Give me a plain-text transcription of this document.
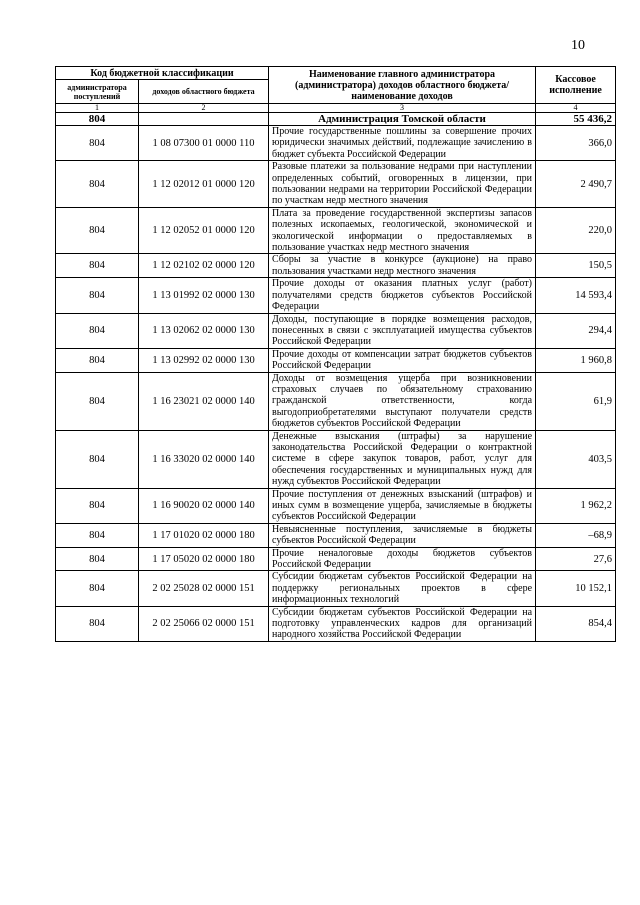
10
Код бюджетной классификации		Наименование главного администратора (администратора) доходов областного бюджета/ наименование доходов	Кассовое исполнение
администратора поступлений	доходов областного бюджета		
1	2	3	4
804		Администрация Томской области	55 436,2
804	1 08 07300 01 0000 110	Прочие государственные пошлины за совершение прочих юридически значимых действий, подлежащие зачислению в бюджет субъекта Российской Федерации	366,0
804	1 12 02012 01 0000 120	Разовые платежи за пользование недрами при наступлении определенных событий, оговоренных в лицензии, при пользовании недрами на территории Российской Федерации по участкам недр местного значения	2 490,7
804	1 12 02052 01 0000 120	Плата за проведение государственной экспертизы запасов полезных ископаемых, геологической, экономической и экологической информации о предоставляемых в пользование участках недр местного значения	220,0
804	1 12 02102 02 0000 120	Сборы за участие в конкурсе (аукционе) на право пользования участками недр местного значения	150,5
804	1 13 01992 02 0000 130	Прочие доходы от оказания платных услуг (работ) получателями средств бюджетов субъектов Российской Федерации	14 593,4
804	1 13 02062 02 0000 130	Доходы, поступающие в порядке возмещения расходов, понесенных в связи с эксплуатацией имущества субъектов Российской Федерации	294,4
804	1 13 02992 02 0000 130	Прочие доходы от компенсации затрат бюджетов субъектов Российской Федерации	1 960,8
804	1 16 23021 02 0000 140	Доходы от возмещения ущерба при возникновении страховых случаев по обязательному страхованию гражданской ответственности, когда выгодоприобретателями выступают получатели средств бюджетов субъектов Российской Федерации	61,9
804	1 16 33020 02 0000 140	Денежные взыскания (штрафы) за нарушение законодательства Российской Федерации о контрактной системе в сфере закупок товаров, работ, услуг для обеспечения государственных и муниципальных нужд для нужд субъектов Российской Федерации	403,5
804	1 16 90020 02 0000 140	Прочие поступления от денежных взысканий (штрафов) и иных сумм в возмещение ущерба, зачисляемые в бюджеты субъектов Российской Федерации	1 962,2
804	1 17 01020 02 0000 180	Невыясненные поступления, зачисляемые в бюджеты субъектов Российской Федерации	–68,9
804	1 17 05020 02 0000 180	Прочие неналоговые доходы бюджетов субъектов Российской Федерации	27,6
804	2 02 25028 02 0000 151	Субсидии бюджетам субъектов Российской Федерации на поддержку региональных проектов в сфере информационных технологий	10 152,1
804	2 02 25066 02 0000 151	Субсидии бюджетам субъектов Российской Федерации на подготовку управленческих кадров для организаций народного хозяйства Российской Федерации	854,4
